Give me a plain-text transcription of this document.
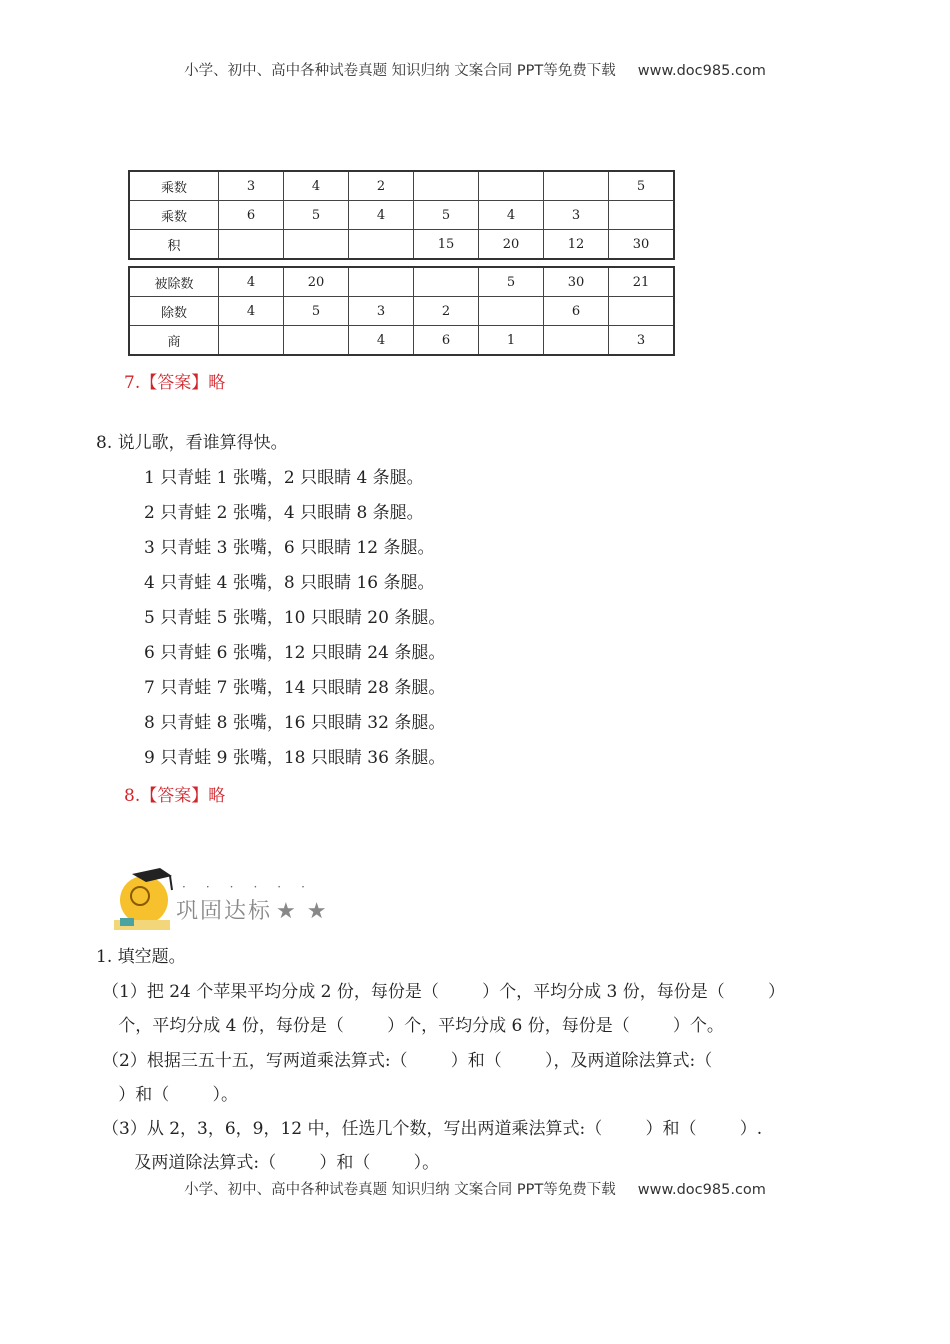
小学、初中、高中各种试卷真题 知识归纳 文案合同 PPT等免费下载 www.doc985.com
乘数	3	4	2				5
乘数	6	5	4	5	4	3	
积				15	20	12	30
被除数	4	20			5	30	21
除数	4	5	3	2		6	
商			4	6	1		3
7.【答案】略
8. 说儿歌，看谁算得快。
1 只青蛙 1 张嘴，2 只眼睛 4 条腿。
2 只青蛙 2 张嘴，4 只眼睛 8 条腿。
3 只青蛙 3 张嘴，6 只眼睛 12 条腿。
4 只青蛙 4 张嘴，8 只眼睛 16 条腿。
5 只青蛙 5 张嘴，10 只眼睛 20 条腿。
6 只青蛙 6 张嘴，12 只眼睛 24 条腿。
7 只青蛙 7 张嘴，14 只眼睛 28 条腿。
8 只青蛙 8 张嘴，16 只眼睛 32 条腿。
9 只青蛙 9 张嘴，18 只眼睛 36 条腿。
8.【答案】略
······
巩固达标 ★ ★
1. 填空题。
（1）把 24 个苹果平均分成 2 份，每份是（        ）个，平均分成 3 份，每份是（        ）
个，平均分成 4 份，每份是（        ）个，平均分成 6 份，每份是（        ）个。
（2）根据三五十五，写两道乘法算式:（        ）和（        ），及两道除法算式:（
）和（        ）。
（3）从 2，3，6，9，12 中，任选几个数，写出两道乘法算式:（        ）和（        ）.
及两道除法算式:（        ）和（        ）。
小学、初中、高中各种试卷真题 知识归纳 文案合同 PPT等免费下载 www.doc985.com
